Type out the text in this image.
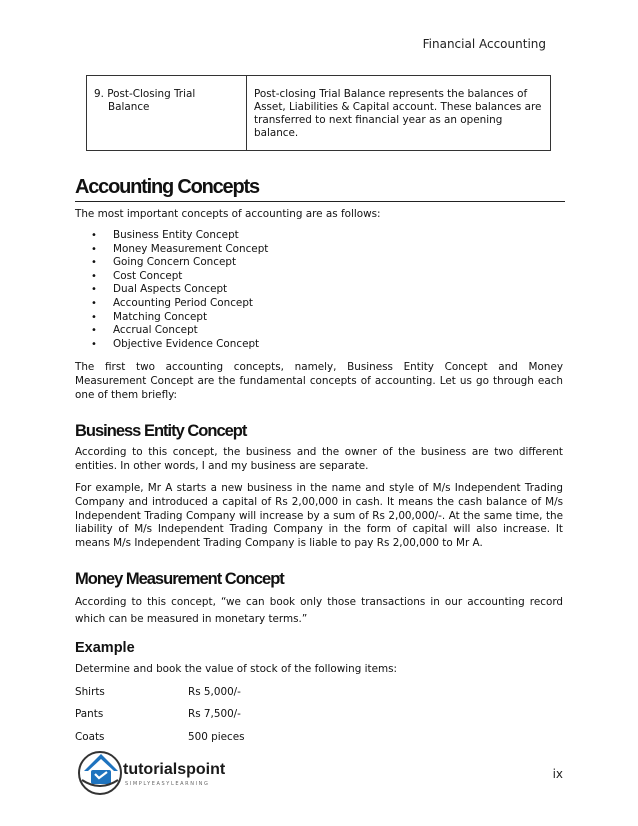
Financial Accounting
9. Post-Closing Trial
Balance
	Post-closing Trial Balance represents the balances of Asset, Liabilities & Capital account. These balances are transferred to next financial year as an opening balance.
Accounting Concepts
The most important concepts of accounting are as follows:
• Business Entity Concept
• Money Measurement Concept
• Going Concern Concept
• Cost Concept
• Dual Aspects Concept
• Accounting Period Concept
• Matching Concept
• Accrual Concept
• Objective Evidence Concept
The first two accounting concepts, namely, Business Entity Concept and Money Measurement Concept are the fundamental concepts of accounting. Let us go through each one of them briefly:
Business Entity Concept
According to this concept, the business and the owner of the business are two different entities. In other words, I and my business are separate.
For example, Mr A starts a new business in the name and style of M/s Independent Trading Company and introduced a capital of Rs 2,00,000 in cash. It means the cash balance of M/s Independent Trading Company will increase by a sum of Rs 2,00,000/-. At the same time, the liability of M/s Independent Trading Company in the form of capital will also increase. It means M/s Independent Trading Company is liable to pay Rs 2,00,000 to Mr A.
Money Measurement Concept
According to this concept, “we can book only those transactions in our accounting record which can be measured in monetary terms.”
Example
Determine and book the value of stock of the following items:
Shirts	Rs 5,000/-
Pants	Rs 7,500/-
Coats	500 pieces
tutorialspoint
SIMPLYEASYLEARNING
ix
